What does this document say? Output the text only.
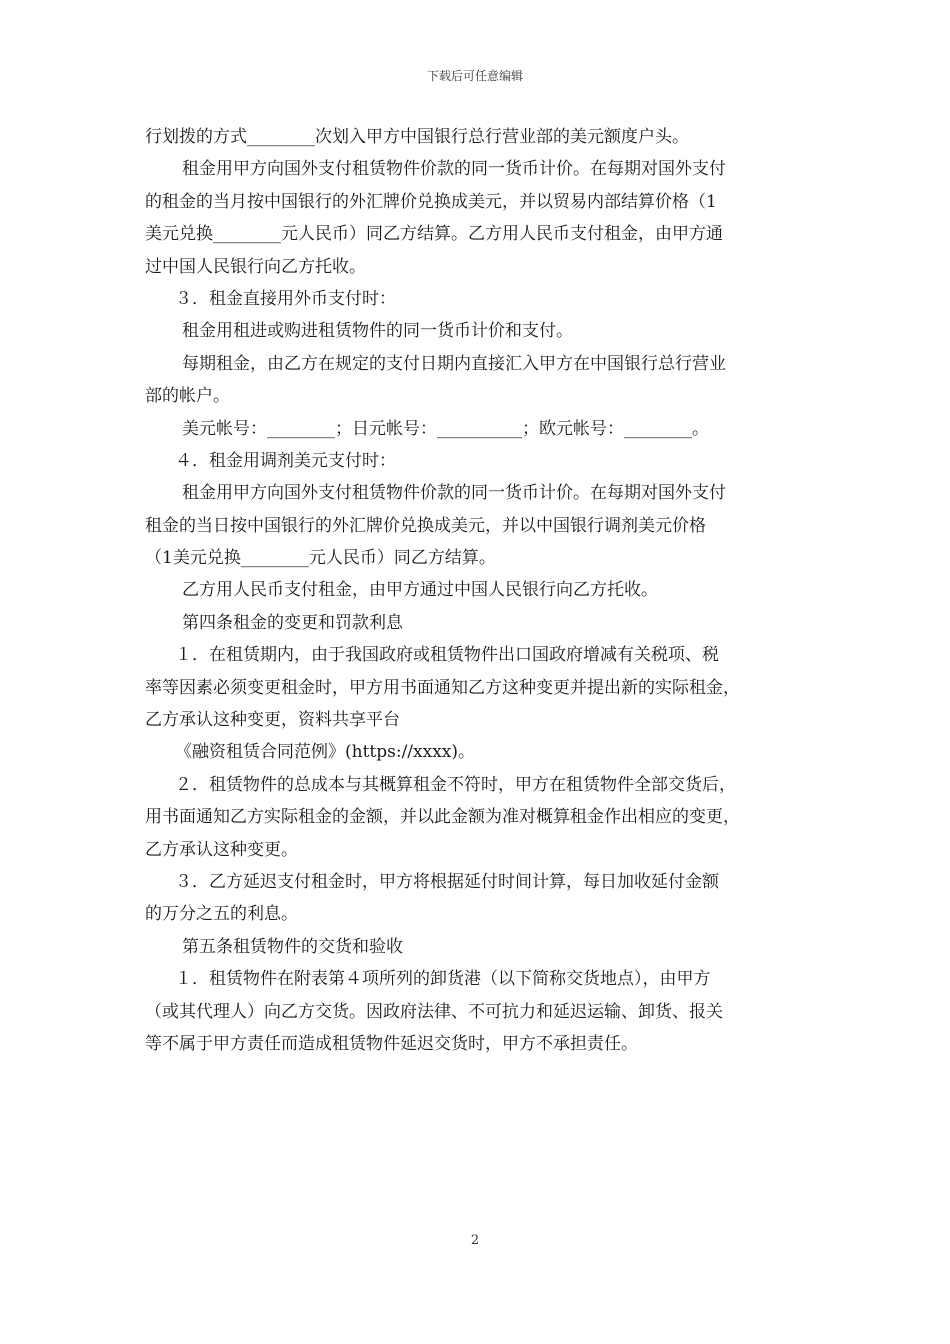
下载后可任意编辑
行划拨的方式________次划入甲方中国银行总行营业部的美元额度户头。
租金用甲方向国外支付租赁物件价款的同一货币计价。在每期对国外支付
的租金的当月按中国银行的外汇牌价兑换成美元，并以贸易内部结算价格（1
美元兑换________元人民币）同乙方结算。乙方用人民币支付租金，由甲方通
过中国人民银行向乙方托收。
３．租金直接用外币支付时：
租金用租进或购进租赁物件的同一货币计价和支付。
每期租金，由乙方在规定的支付日期内直接汇入甲方在中国银行总行营业
部的帐户。
美元帐号：________；日元帐号：__________；欧元帐号：________。
４．租金用调剂美元支付时：
租金用甲方向国外支付租赁物件价款的同一货币计价。在每期对国外支付
租金的当日按中国银行的外汇牌价兑换成美元，并以中国银行调剂美元价格
（1美元兑换________元人民币）同乙方结算。
乙方用人民币支付租金，由甲方通过中国人民银行向乙方托收。
第四条租金的变更和罚款利息
１．在租赁期内，由于我国政府或租赁物件出口国政府增减有关税项、税
率等因素必须变更租金时，甲方用书面通知乙方这种变更并提出新的实际租金，
乙方承认这种变更，资料共享平台
《融资租赁合同范例》(https://xxxx)。
２．租赁物件的总成本与其概算租金不符时，甲方在租赁物件全部交货后，
用书面通知乙方实际租金的金额，并以此金额为准对概算租金作出相应的变更，
乙方承认这种变更。
３．乙方延迟支付租金时，甲方将根据延付时间计算，每日加收延付金额
的万分之五的利息。
第五条租赁物件的交货和验收
１．租赁物件在附表第４项所列的卸货港（以下简称交货地点），由甲方
（或其代理人）向乙方交货。因政府法律、不可抗力和延迟运输、卸货、报关
等不属于甲方责任而造成租赁物件延迟交货时，甲方不承担责任。
2
